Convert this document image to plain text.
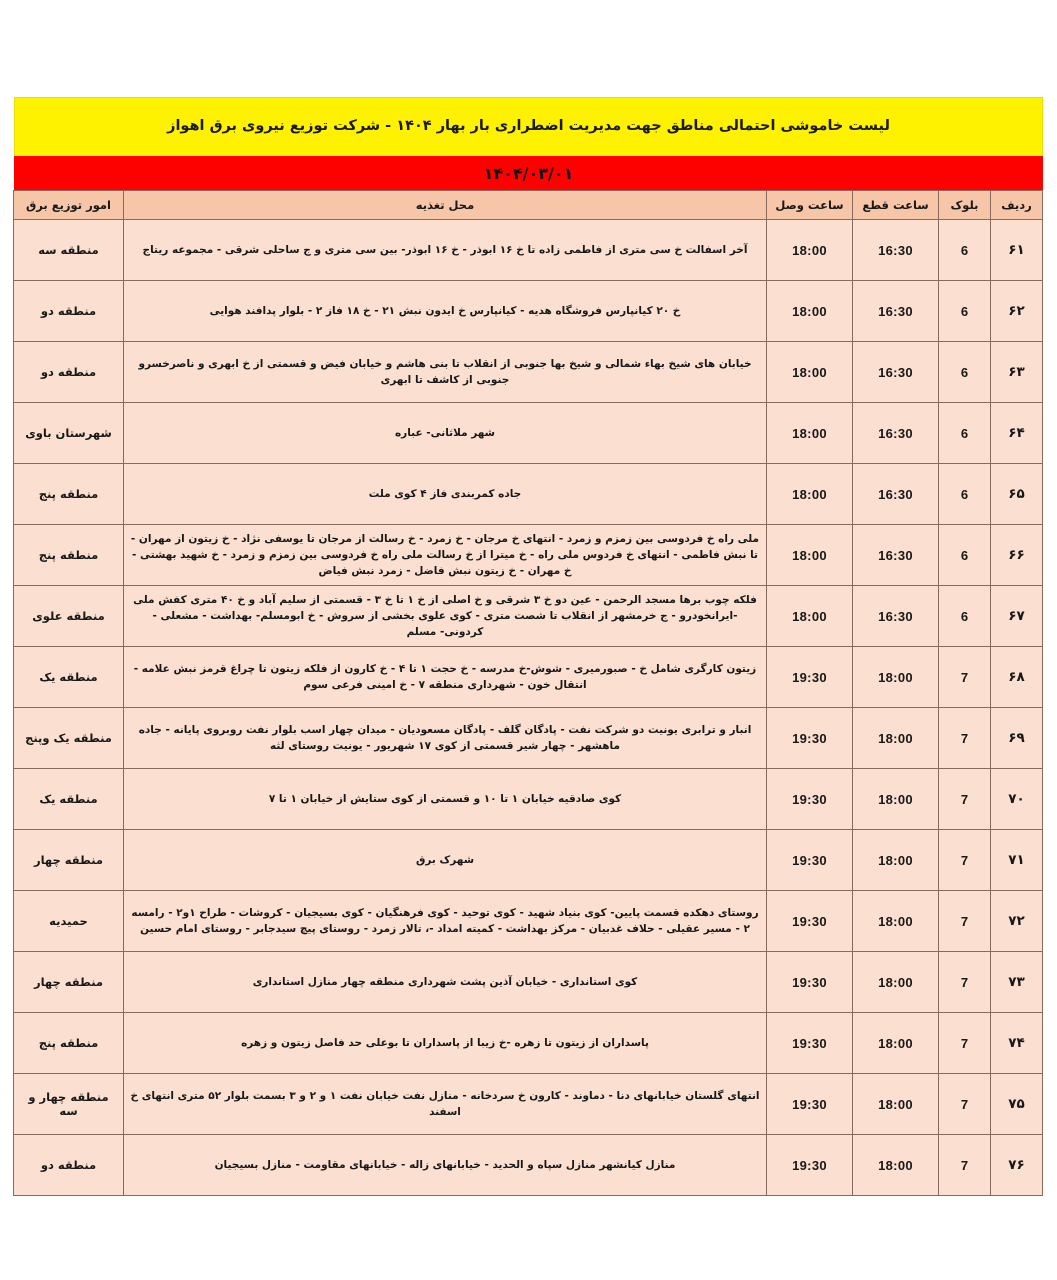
لیست خاموشی احتمالی مناطق جهت مدیریت اضطراری بار بهار ۱۴۰۴ - شرکت توزیع نیروی برق اهواز
۱۴۰۴/۰۳/۰۱
ردیف	بلوک	ساعت قطع	ساعت وصل	محل تغذیه	امور توزیع برق
۶۱	6	16:30	18:00	آخر اسفالت خ سی متری از فاطمی زاده تا خ ۱۶ ابوذر - خ ۱۶ ابوذر- بین سی متری و ج ساحلی شرقی - مجموعه ریتاج	منطقه سه
۶۲	6	16:30	18:00	خ ۲۰ کیانپارس فروشگاه هدیه - کیانپارس خ ایدون نبش ۲۱ - خ ۱۸ فاز ۲ - بلوار پدافند هوایی	منطقه دو
۶۳	6	16:30	18:00	خیابان های شیخ بهاء شمالی و شیخ بها جنوبی از انقلاب تا بنی هاشم و خیابان فیض و قسمتی از خ ابهری و ناصرخسرو جنوبی از کاشف تا ابهری	منطقه دو
۶۴	6	16:30	18:00	شهر ملاثانی- عباره	شهرستان باوی
۶۵	6	16:30	18:00	جاده کمربندی فاز ۴ کوی ملت	منطقه پنج
۶۶	6	16:30	18:00	ملی راه خ فردوسی بین زمزم و زمرد - انتهای خ مرجان - خ زمرد - خ رسالت از مرجان تا یوسفی نژاد - خ زیتون از مهران - تا نبش فاطمی - انتهای خ فردوس ملی راه - خ میترا از خ رسالت ملی راه خ فردوسی بین زمزم و زمرد - خ شهید بهشتی - خ مهران - خ زیتون نبش فاضل - زمرد نبش فیاض	منطقه پنج
۶۷	6	16:30	18:00	فلکه چوب برها مسجد الرحمن - عین دو خ ۳ شرقی و خ اصلی از خ ۱ تا خ ۳ - قسمتی از سلیم آباد و خ ۴۰ متری کفش ملی -ایرانخودرو - ج خرمشهر از انقلاب تا شصت متری - کوی علوی بخشی از سروش - خ ابومسلم- بهداشت - مشعلی - کردونی- مسلم	منطقه علوی
۶۸	7	18:00	19:30	زیتون کارگری شامل خ - صبورمیری - شوش-خ مدرسه - خ حجت ۱ تا ۴ - خ کارون از فلکه زیتون تا چراغ قرمز نبش علامه - انتقال خون - شهرداری منطقه ۷ - خ امینی فرعی سوم	منطقه یک
۶۹	7	18:00	19:30	انبار و ترابری یونیت دو شرکت نفت - پادگان گلف - پادگان مسعودیان - میدان چهار اسب بلوار نفت روبروی پایانه - جاده ماهشهر - چهار شیر قسمتی از کوی ۱۷ شهریور - یونیت روستای لثه	منطقه یک وپنج
۷۰	7	18:00	19:30	کوی صادقیه خیابان ۱ تا ۱۰ و قسمتی از کوی ستایش از خیابان ۱ تا ۷	منطقه یک
۷۱	7	18:00	19:30	شهرک برق	منطقه چهار
۷۲	7	18:00	19:30	روستای دهکده قسمت پایین- کوی بنیاد شهید - کوی توحید - کوی فرهنگیان - کوی بسیجیان - کروشات - طراح ۱و۲ - رامسه ۲ - مسیر عقیلی - حلاف غدبیان - مرکز بهداشت - کمیته امداد -، تالار زمرد - روستای پیچ سیدجابر - روستای امام حسین	حمیدیه
۷۳	7	18:00	19:30	کوی استانداری - خیابان آذین پشت شهرداری منطقه چهار منازل استانداری	منطقه چهار
۷۴	7	18:00	19:30	پاسداران از زیتون تا زهره -خ زیبا از پاسداران تا بوعلی حد فاصل زیتون و زهره	منطقه پنج
۷۵	7	18:00	19:30	انتهای گلستان خیابانهای دنا - دماوند - کارون خ سردخانه - منازل نفت خیابان نفت ۱ و ۲ و ۳ بسمت بلوار ۵۲ متری انتهای خ اسفند	منطقه چهار و سه
۷۶	7	18:00	19:30	منازل کیانشهر منازل سپاه و الحدید - خیابانهای زاله - خیابانهای مقاومت - منازل بسیجیان	منطقه دو
